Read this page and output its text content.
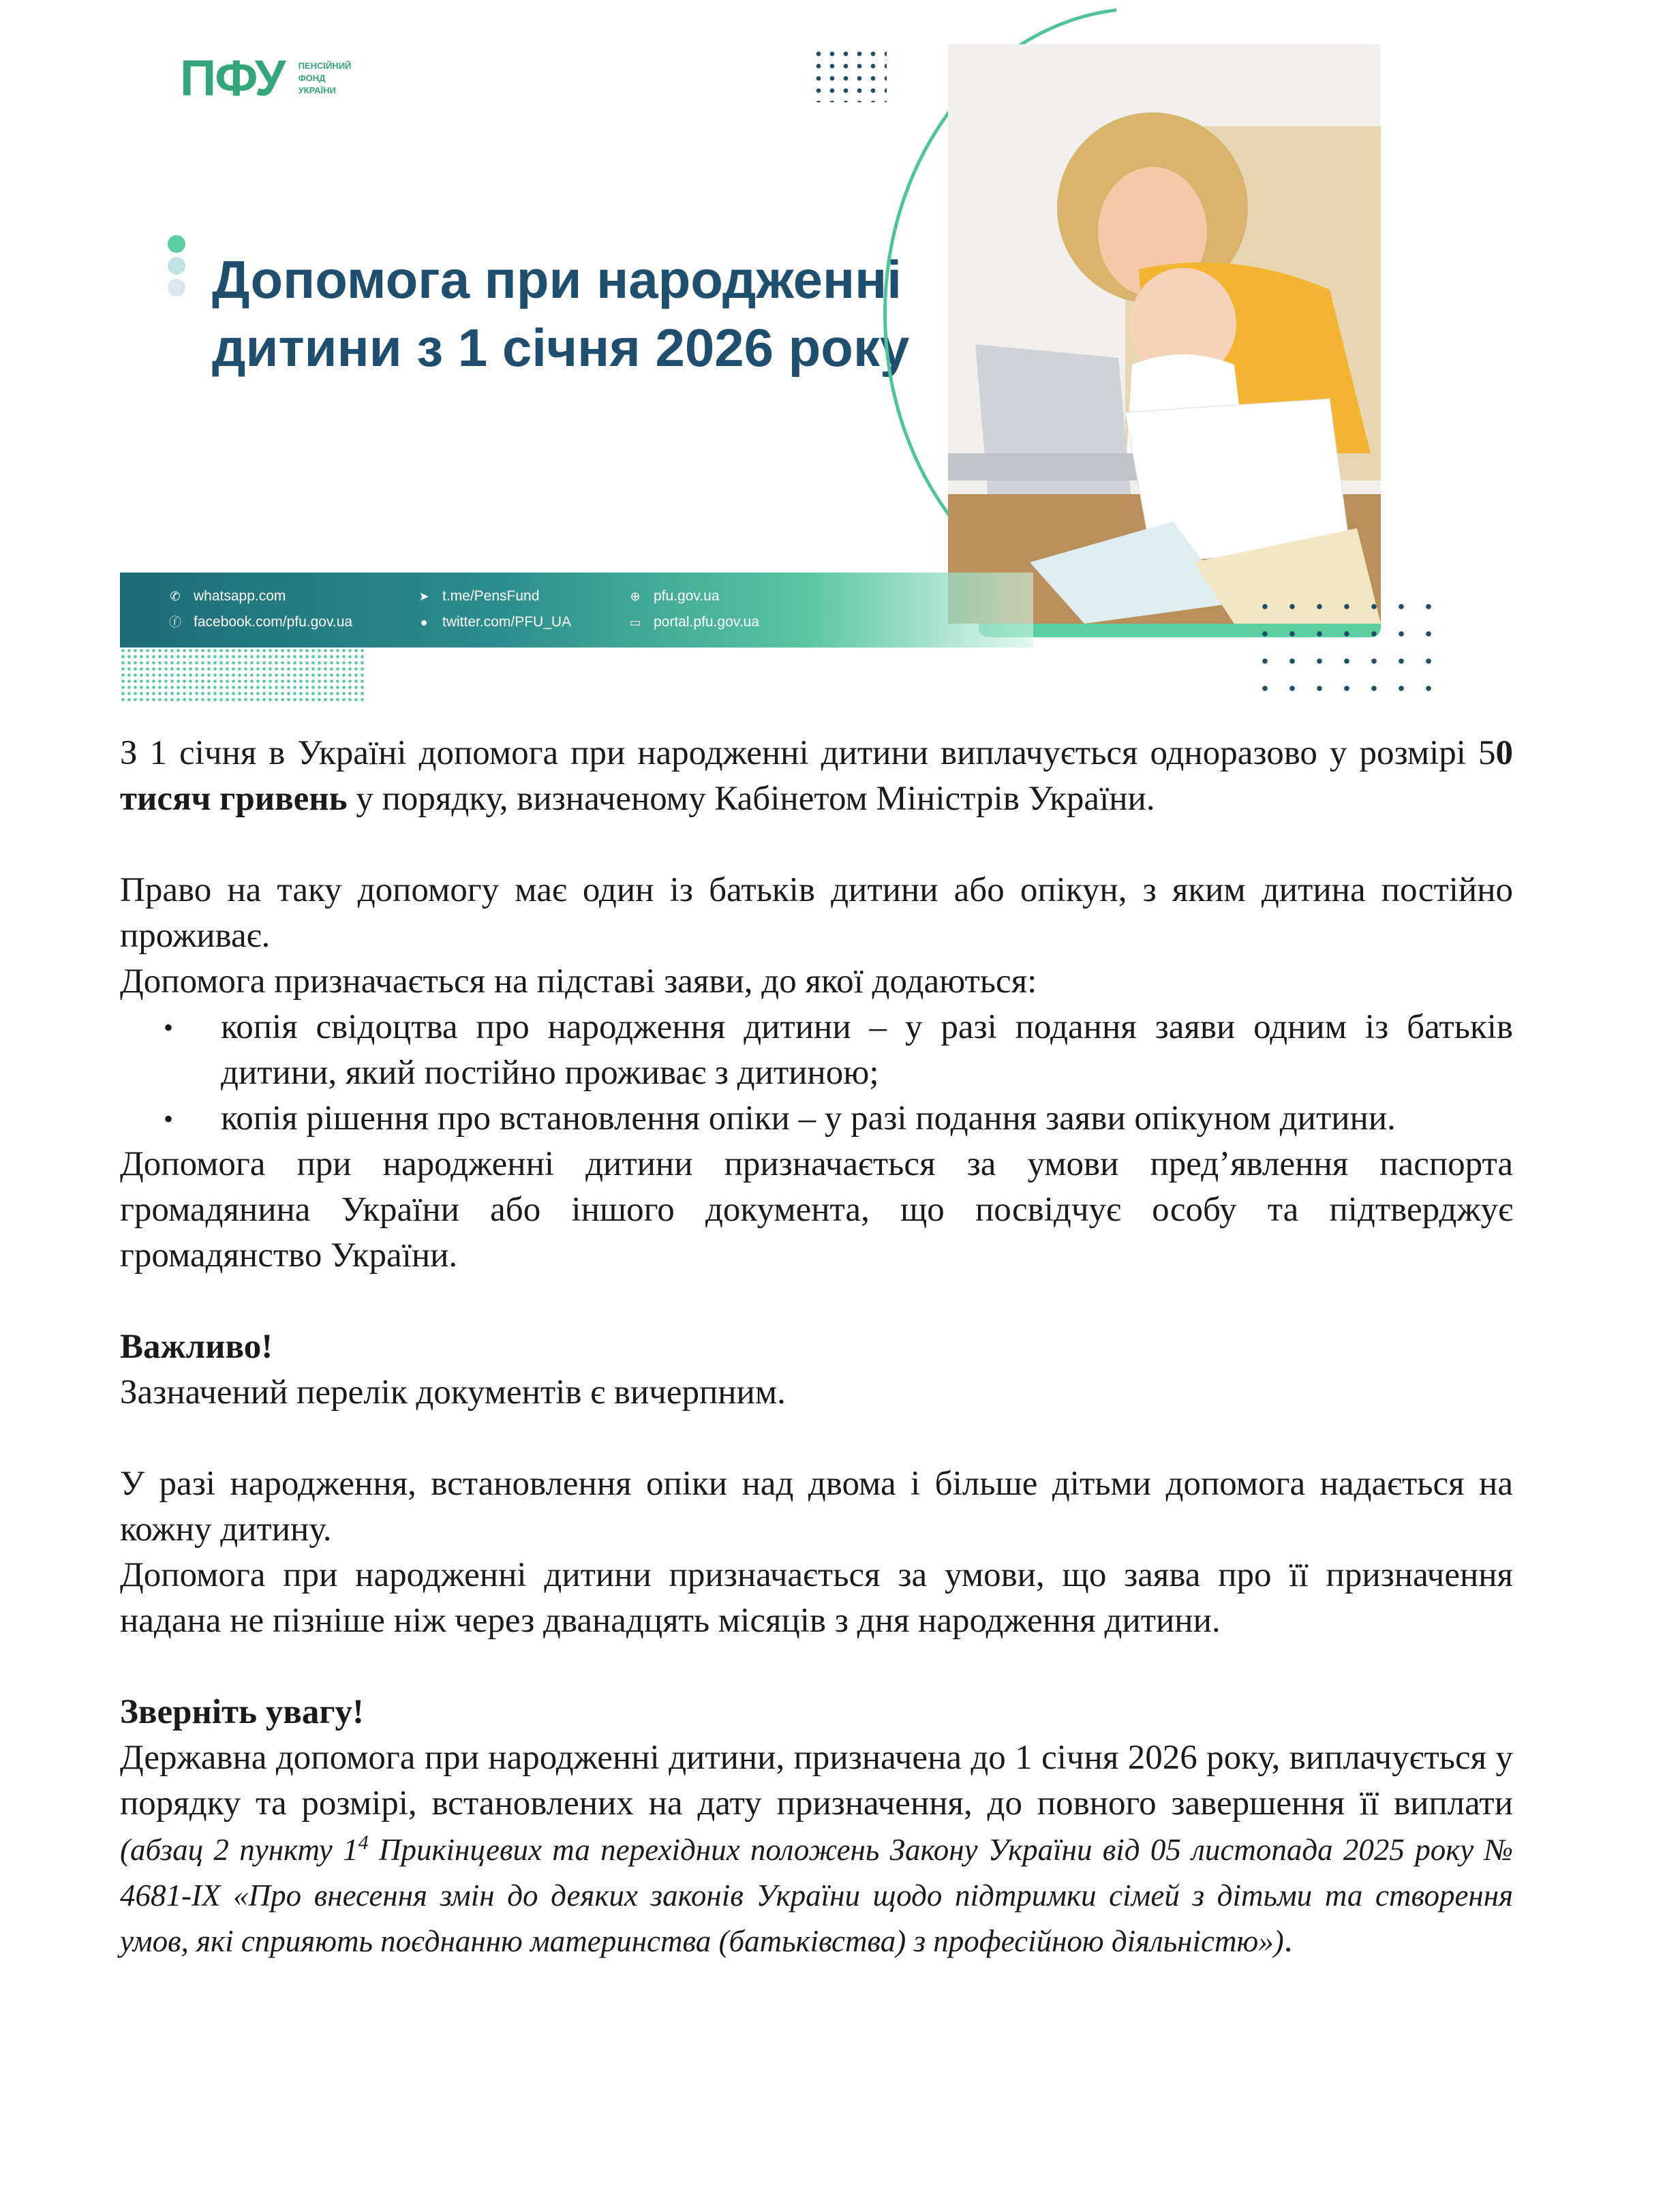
ПФУ ПЕНСІЙНИЙ
ФОНД
УКРАЇНИ
Допомога при народженні дитини з 1 січня 2026 року
✆ whatsapp.com
ⓕ facebook.com/pfu.gov.ua
➤ t.me/PensFund
● twitter.com/PFU_UA
⊕ pfu.gov.ua
▭ portal.pfu.gov.ua

З 1 січня в Україні допомога при народженні дитини виплачується одноразово у розмірі 50 тисяч гривень у порядку, визначеному Кабінетом Міністрів України.

Право на таку допомогу має один із батьків дитини або опікун, з яким дитина постійно проживає.

Допомога призначається на підставі заяви, до якої додаються:

• копія свідоцтва про народження дитини – у разі подання заяви одним із батьків дитини, який постійно проживає з дитиною;
• копія рішення про встановлення опіки – у разі подання заяви опікуном дитини.

Допомога при народженні дитини призначається за умови пред’явлення паспорта громадянина України або іншого документа, що посвідчує особу та підтверджує громадянство України.

Важливо!

Зазначений перелік документів є вичерпним.

У разі народження, встановлення опіки над двома і більше дітьми допомога надається на кожну дитину.

Допомога при народженні дитини призначається за умови, що заява про її призначення надана не пізніше ніж через дванадцять місяців з дня народження дитини.

Зверніть увагу!

Державна допомога при народженні дитини, призначена до 1 січня 2026 року, виплачується у порядку та розмірі, встановлених на дату призначення, до повного завершення її виплати (абзац 2 пункту $1^4$ Прикінцевих та перехідних положень Закону України від 05 листопада 2025 року № 4681-IX «Про внесення змін до деяких законів України щодо підтримки сімей з дітьми та створення умов, які сприяють поєднанню материнства (батьківства) з професійною діяльністю»).
